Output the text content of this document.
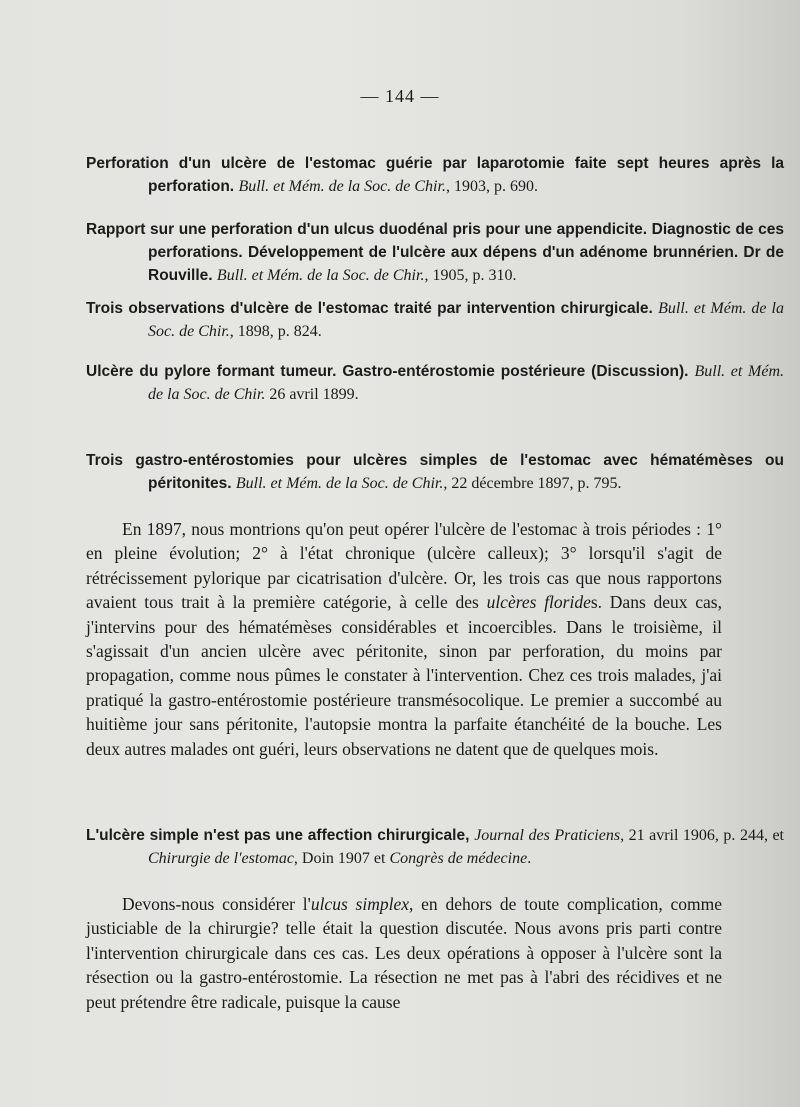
— 144 —
Perforation d'un ulcère de l'estomac guérie par laparotomie faite sept heures après la perforation. Bull. et Mém. de la Soc. de Chir., 1903, p. 690.
Rapport sur une perforation d'un ulcus duodénal pris pour une appendicite. Diagnostic de ces perforations. Développement de l'ulcère aux dépens d'un adénome brunnérien. Dr de Rouville. Bull. et Mém. de la Soc. de Chir., 1905, p. 310.
Trois observations d'ulcère de l'estomac traité par intervention chirurgicale. Bull. et Mém. de la Soc. de Chir., 1898, p. 824.
Ulcère du pylore formant tumeur. Gastro-entérostomie postérieure (Discussion). Bull. et Mém. de la Soc. de Chir. 26 avril 1899.
Trois gastro-entérostomies pour ulcères simples de l'estomac avec hématémèses ou péritonites. Bull. et Mém. de la Soc. de Chir., 22 décembre 1897, p. 795.
En 1897, nous montrions qu'on peut opérer l'ulcère de l'estomac à trois périodes : 1° en pleine évolution; 2° à l'état chronique (ulcère calleux); 3° lorsqu'il s'agit de rétrécissement pylorique par cicatrisation d'ulcère. Or, les trois cas que nous rapportons avaient tous trait à la première catégorie, à celle des ulcères florides. Dans deux cas, j'intervins pour des hématémèses considérables et incoercibles. Dans le troisième, il s'agissait d'un ancien ulcère avec péritonite, sinon par perforation, du moins par propagation, comme nous pûmes le constater à l'intervention. Chez ces trois malades, j'ai pratiqué la gastro-entérostomie postérieure transmésocolique. Le premier a succombé au huitième jour sans péritonite, l'autopsie montra la parfaite étanchéité de la bouche. Les deux autres malades ont guéri, leurs observations ne datent que de quelques mois.
L'ulcère simple n'est pas une affection chirurgicale, Journal des Praticiens, 21 avril 1906, p. 244, et Chirurgie de l'estomac, Doin 1907 et Congrès de médecine.
Devons-nous considérer l'ulcus simplex, en dehors de toute complication, comme justiciable de la chirurgie? telle était la question discutée. Nous avons pris parti contre l'intervention chirurgicale dans ces cas. Les deux opérations à opposer à l'ulcère sont la résection ou la gastro-entérostomie. La résection ne met pas à l'abri des récidives et ne peut prétendre être radicale, puisque la cause
